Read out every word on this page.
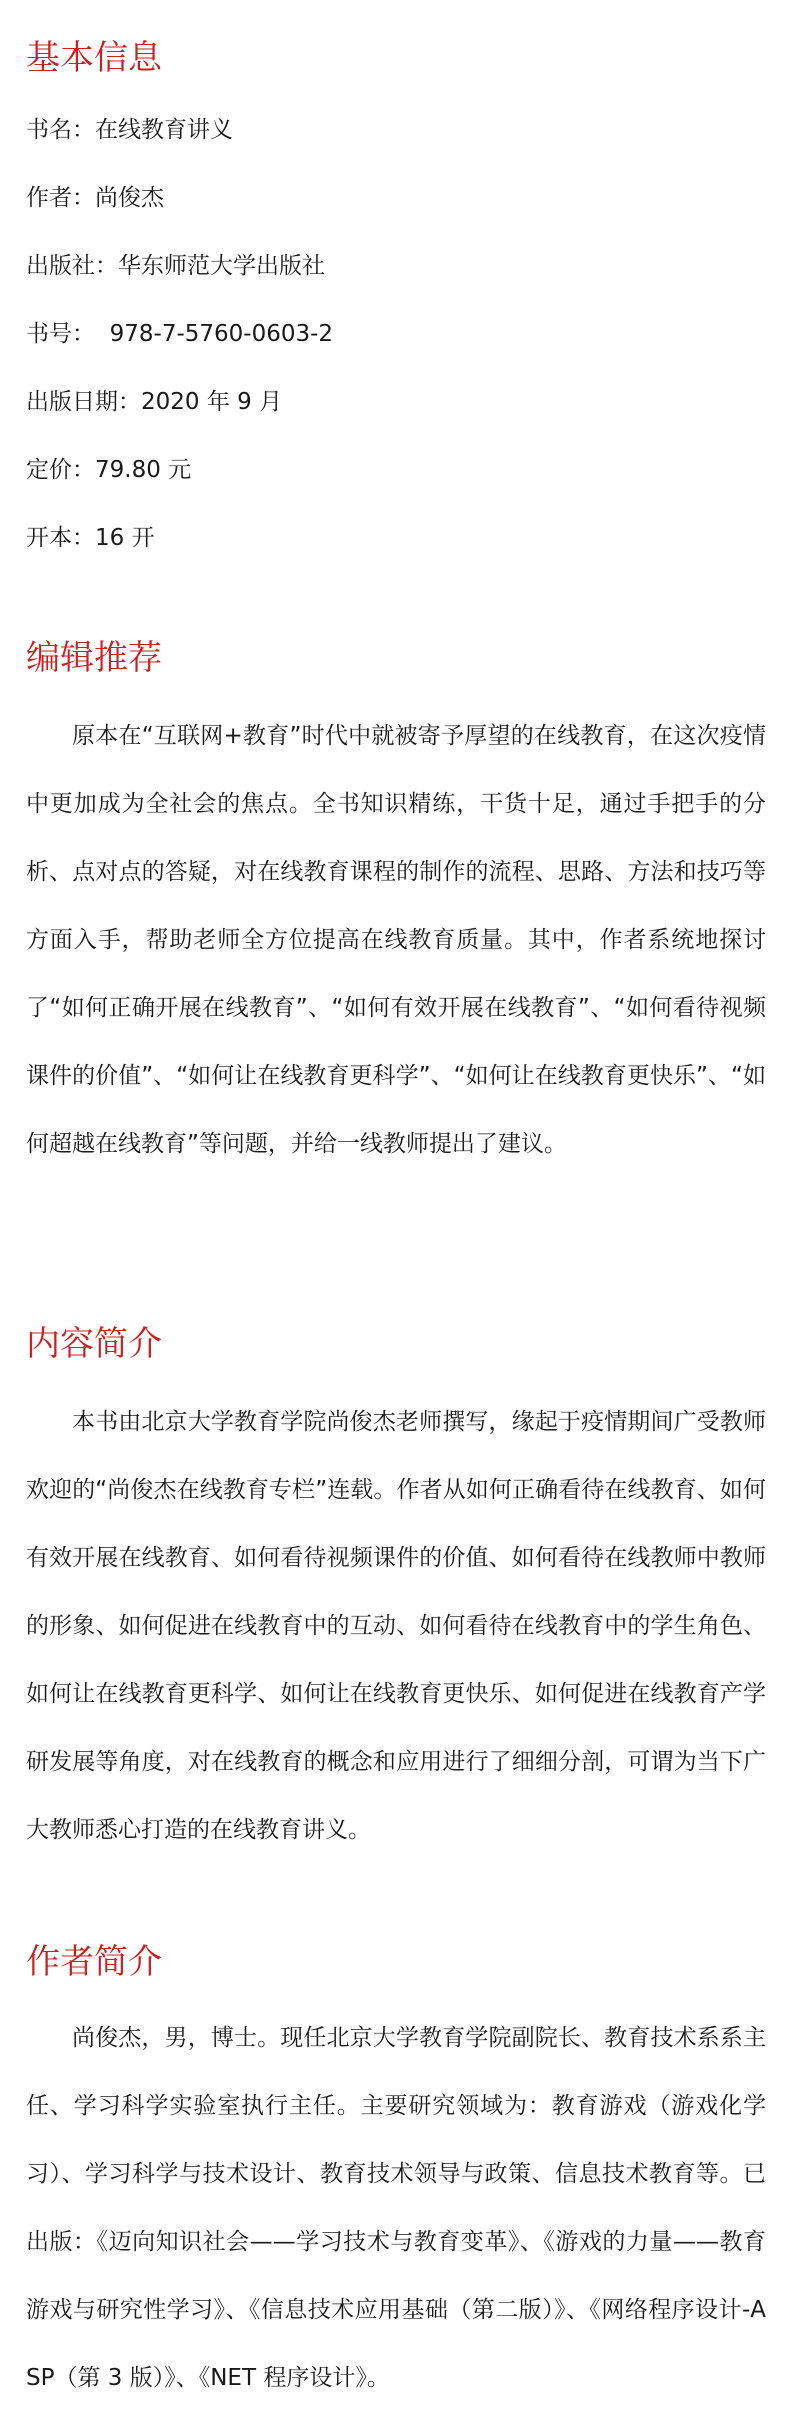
基本信息
书名：在线教育讲义
作者：尚俊杰
出版社：华东师范大学出版社
书号：  978-7-5760-0603-2
出版日期：2020 年 9 月
定价：79.80 元
开本：16 开
编辑推荐

原本在“互联网+教育”时代中就被寄予厚望的在线教育，在这次疫情中更加成为全社会的焦点。全书知识精练，干货十足，通过手把手的分析、点对点的答疑，对在线教育课程的制作的流程、思路、方法和技巧等方面入手，帮助老师全方位提高在线教育质量。其中，作者系统地探讨了“如何正确开展在线教育”、“如何有效开展在线教育”、“如何看待视频课件的价值”、“如何让在线教育更科学”、“如何让在线教育更快乐”、“如何超越在线教育”等问题，并给一线教师提出了建议。

内容简介

本书由北京大学教育学院尚俊杰老师撰写，缘起于疫情期间广受教师欢迎的“尚俊杰在线教育专栏”连载。作者从如何正确看待在线教育、如何有效开展在线教育、如何看待视频课件的价值、如何看待在线教师中教师的形象、如何促进在线教育中的互动、如何看待在线教育中的学生角色、如何让在线教育更科学、如何让在线教育更快乐、如何促进在线教育产学研发展等角度，对在线教育的概念和应用进行了细细分剖，可谓为当下广大教师悉心打造的在线教育讲义。

作者简介

尚俊杰，男，博士。现任北京大学教育学院副院长、教育技术系系主任、学习科学实验室执行主任。主要研究领域为：教育游戏（游戏化学习）、学习科学与技术设计、教育技术领导与政策、信息技术教育等。已出版：《迈向知识社会——学习技术与教育变革》、《游戏的力量——教育游戏与研究性学习》、《信息技术应用基础（第二版）》、《网络程序设计-ASP（第 3 版）》、《NET 程序设计》。
